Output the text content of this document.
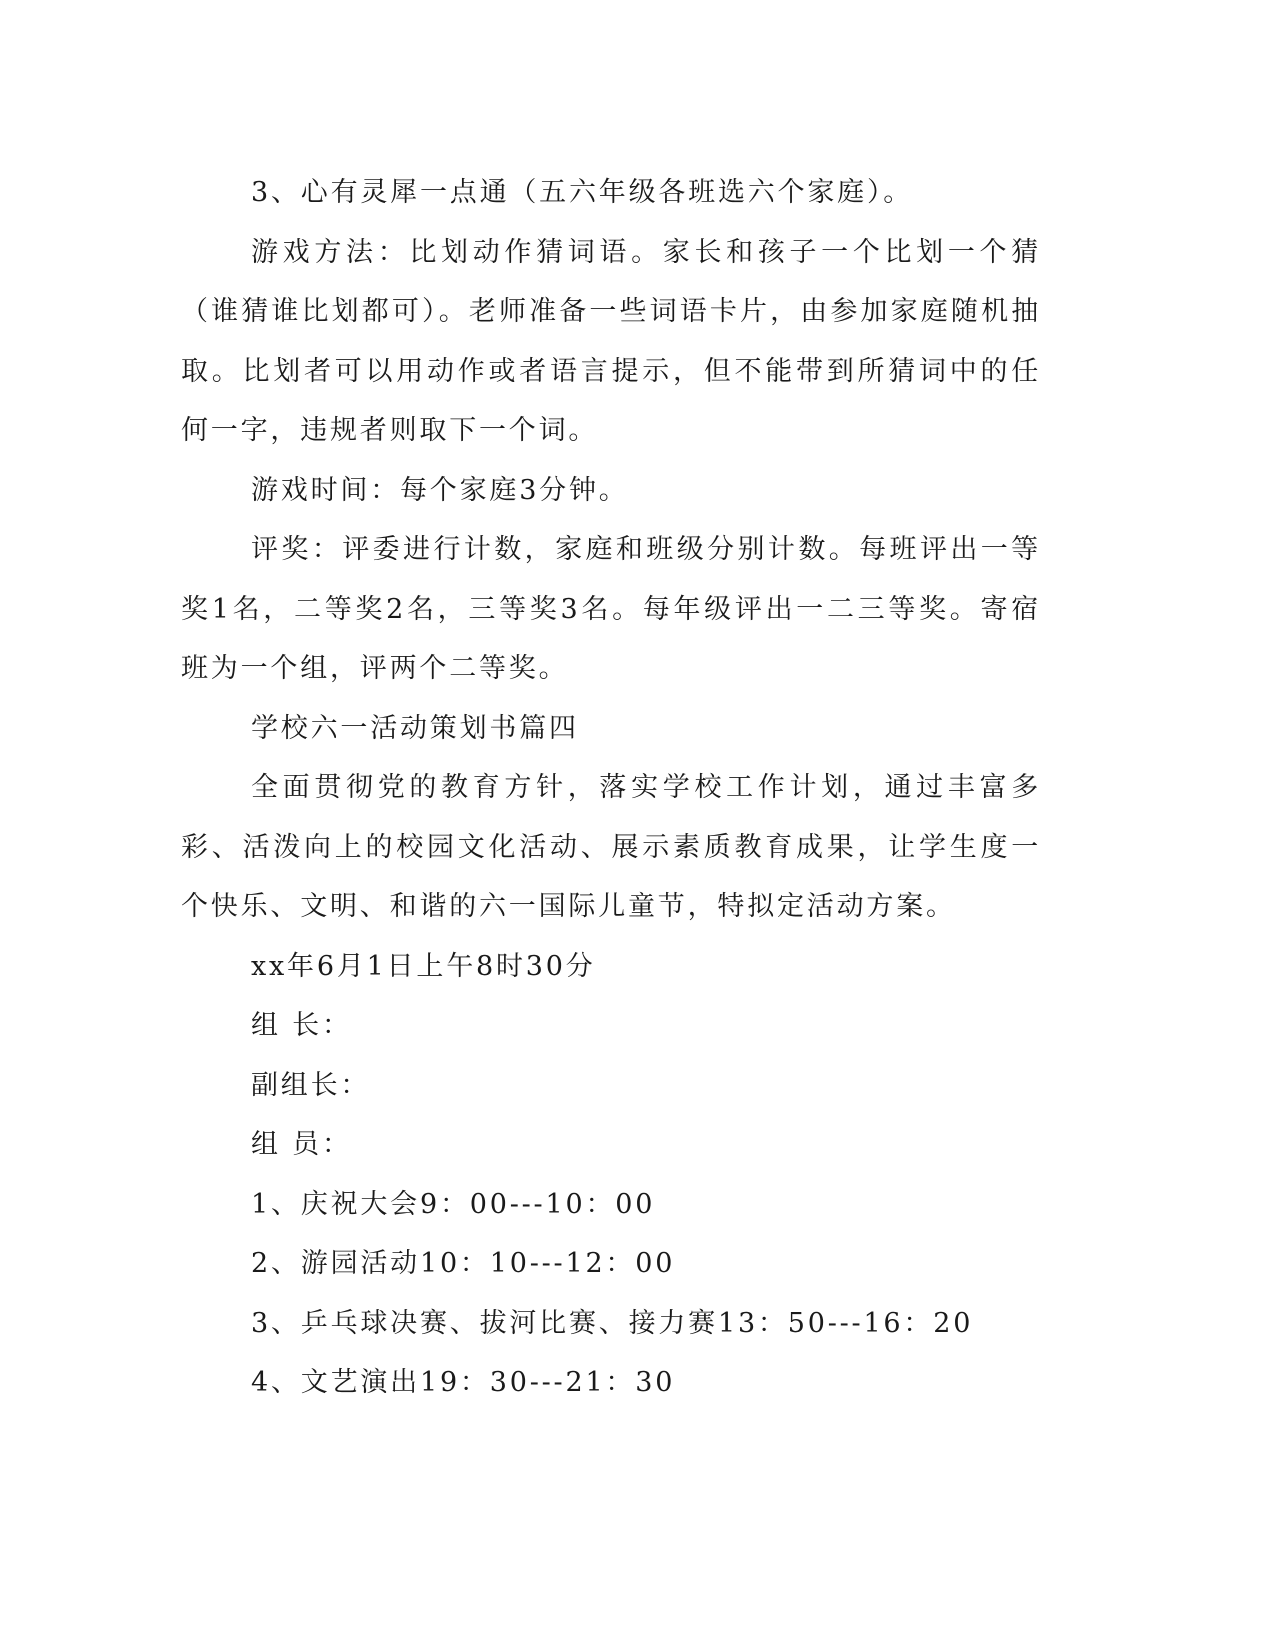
3、心有灵犀一点通（五六年级各班选六个家庭）。

游戏方法：比划动作猜词语。家长和孩子一个比划一个猜（谁猜谁比划都可）。老师准备一些词语卡片，由参加家庭随机抽取。比划者可以用动作或者语言提示，但不能带到所猜词中的任何一字，违规者则取下一个词。

游戏时间：每个家庭3分钟。

评奖：评委进行计数，家庭和班级分别计数。每班评出一等奖1名，二等奖2名，三等奖3名。每年级评出一二三等奖。寄宿班为一个组，评两个二等奖。

学校六一活动策划书篇四

全面贯彻党的教育方针，落实学校工作计划，通过丰富多彩、活泼向上的校园文化活动、展示素质教育成果，让学生度一个快乐、文明、和谐的六一国际儿童节，特拟定活动方案。

xx年6月1日上午8时30分

组 长：

副组长：

组 员：

1、庆祝大会9：00---10：00

2、游园活动10：10---12：00

3、乒乓球决赛、拔河比赛、接力赛13：50---16：20

4、文艺演出19：30---21：30
